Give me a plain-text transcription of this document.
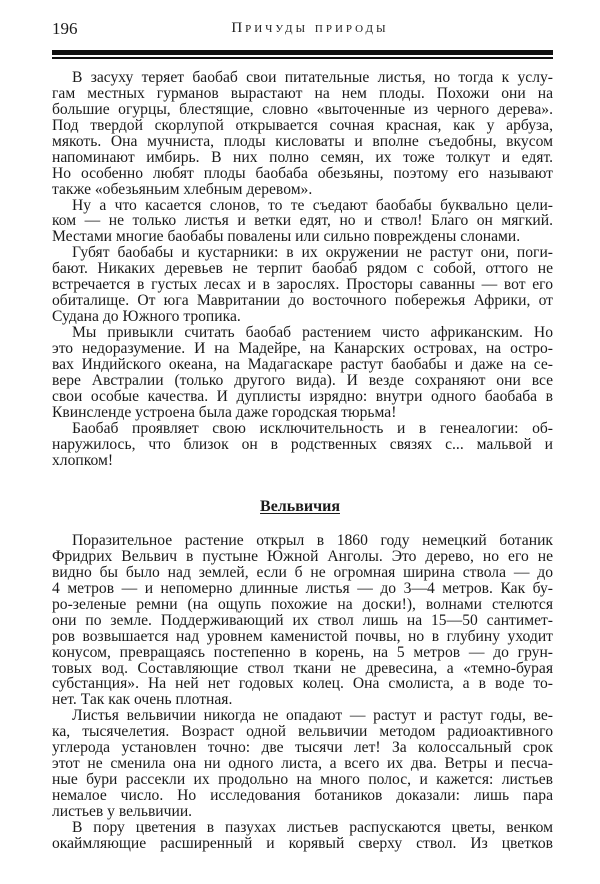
196	Причуды природы
В засуху теряет баобаб свои питательные листья, но тогда к услу-
гам местных гурманов вырастают на нем плоды. Похожи они на
большие огурцы, блестящие, словно «выточенные из черного дерева».
Под твердой скорлупой открывается сочная красная, как у арбуза,
мякоть. Она мучниста, плоды кисловаты и вполне съедобны, вкусом
напоминают имбирь. В них полно семян, их тоже толкут и едят.
Но особенно любят плоды баобаба обезьяны, поэтому его называют
также «обезьяньим хлебным деревом».
Ну а что касается слонов, то те съедают баобабы буквально цели-
ком — не только листья и ветки едят, но и ствол! Благо он мягкий.
Местами многие баобабы повалены или сильно повреждены слонами.
Губят баобабы и кустарники: в их окружении не растут они, поги-
бают. Никаких деревьев не терпит баобаб рядом с собой, оттого не
встречается в густых лесах и в зарослях. Просторы саванны — вот его
обиталище. От юга Мавритании до восточного побережья Африки, от
Судана до Южного тропика.
Мы привыкли считать баобаб растением чисто африканским. Но
это недоразумение. И на Мадейре, на Канарских островах, на остро-
вах Индийского океана, на Мадагаскаре растут баобабы и даже на се-
вере Австралии (только другого вида). И везде сохраняют они все
свои особые качества. И дуплисты изрядно: внутри одного баобаба в
Квинсленде устроена была даже городская тюрьма!
Баобаб проявляет свою исключительность и в генеалогии: об-
наружилось, что близок он в родственных связях с... мальвой и
хлопком!
Вельвичия
Поразительное растение открыл в 1860 году немецкий ботаник
Фридрих Вельвич в пустыне Южной Анголы. Это дерево, но его не
видно бы было над землей, если б не огромная ширина ствола — до
4 метров — и непомерно длинные листья — до 3—4 метров. Как бу-
ро-зеленые ремни (на ощупь похожие на доски!), волнами стелются
они по земле. Поддерживающий их ствол лишь на 15—50 сантимет-
ров возвышается над уровнем каменистой почвы, но в глубину уходит
конусом, превращаясь постепенно в корень, на 5 метров — до грун-
товых вод. Составляющие ствол ткани не древесина, а «темно-бурая
субстанция». На ней нет годовых колец. Она смолиста, а в воде то-
нет. Так как очень плотная.
Листья вельвичии никогда не опадают — растут и растут годы, ве-
ка, тысячелетия. Возраст одной вельвичии методом радиоактивного
углерода установлен точно: две тысячи лет! За колоссальный срок
этот не сменила она ни одного листа, а всего их два. Ветры и песча-
ные бури рассекли их продольно на много полос, и кажется: листьев
немалое число. Но исследования ботаников доказали: лишь пара
листьев у вельвичии.
В пору цветения в пазухах листьев распускаются цветы, венком
окаймляющие расширенный и корявый сверху ствол. Из цветков
